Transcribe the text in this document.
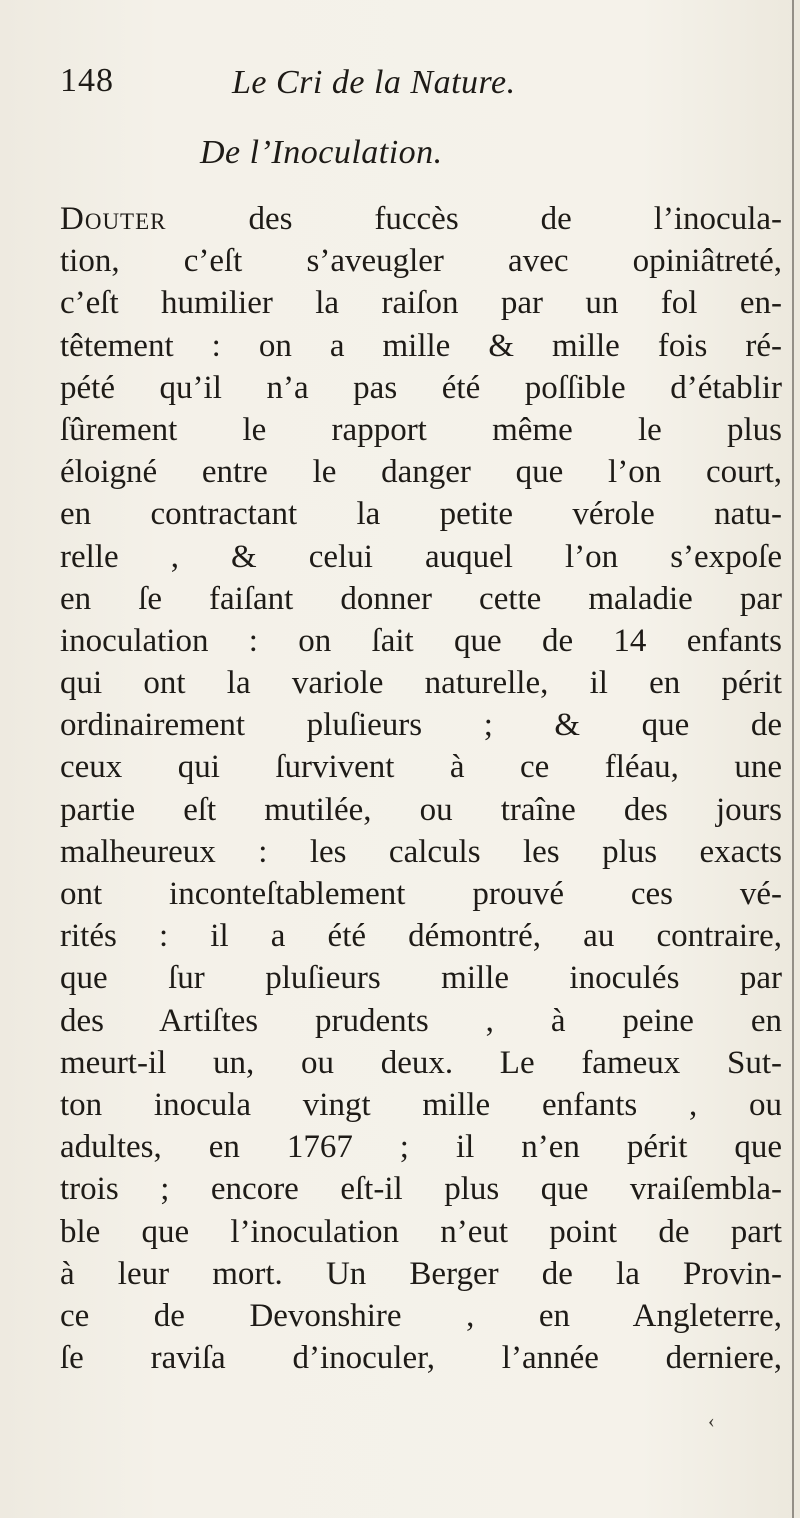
148	Le Cri de la Nature.
De l’Inoculation.
Douter des fuccès de l’inocula-
tion, c’eſt s’aveugler avec opiniâtreté,
c’eſt humilier la raiſon par un fol en-
têtement : on a mille & mille fois ré-
pété qu’il n’a pas été poſſible d’établir
ſûrement le rapport même le plus
éloigné entre le danger que l’on court,
en contractant la petite vérole natu-
relle , & celui auquel l’on s’expoſe
en ſe faiſant donner cette maladie par
inoculation : on ſait que de 14 enfants
qui ont la variole naturelle, il en périt
ordinairement pluſieurs ; & que de
ceux qui ſurvivent à ce fléau, une
partie eſt mutilée, ou traîne des jours
malheureux : les calculs les plus exacts
ont inconteſtablement prouvé ces vé-
rités : il a été démontré, au contraire,
que ſur pluſieurs mille inoculés par
des Artiſtes prudents , à peine en
meurt-il un, ou deux. Le fameux Sut-
ton inocula vingt mille enfants , ou
adultes, en 1767 ; il n’en périt que
trois ; encore eſt-il plus que vraiſembla-
ble que l’inoculation n’eut point de part
à leur mort. Un Berger de la Provin-
ce de Devonshire , en Angleterre,
ſe raviſa d’inoculer, l’année derniere,
‹
